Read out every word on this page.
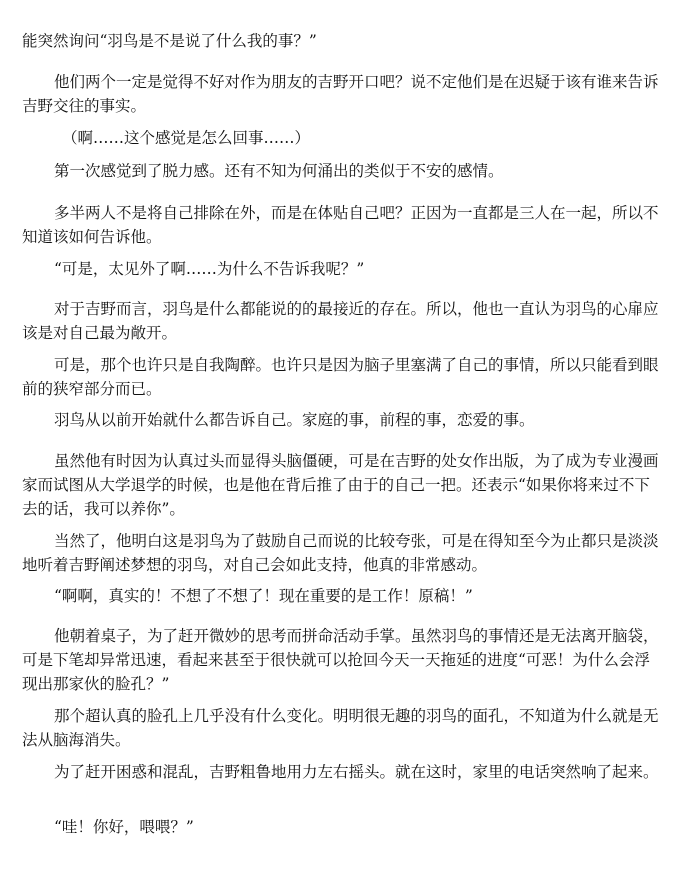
能突然询问“羽鸟是不是说了什么我的事？”

他们两个一定是觉得不好对作为朋友的吉野开口吧？说不定他们是在迟疑于该有谁来告诉吉野交往的事实。

（啊……这个感觉是怎么回事……）

第一次感觉到了脱力感。还有不知为何涌出的类似于不安的感情。

多半两人不是将自己排除在外，而是在体贴自己吧？正因为一直都是三人在一起，所以不知道该如何告诉他。

“可是，太见外了啊……为什么不告诉我呢？”

对于吉野而言，羽鸟是什么都能说的的最接近的存在。所以，他也一直认为羽鸟的心扉应该是对自己最为敞开。

可是，那个也许只是自我陶醉。也许只是因为脑子里塞满了自己的事情，所以只能看到眼前的狭窄部分而已。

羽鸟从以前开始就什么都告诉自己。家庭的事，前程的事，恋爱的事。

虽然他有时因为认真过头而显得头脑僵硬，可是在吉野的处女作出版，为了成为专业漫画家而试图从大学退学的时候，也是他在背后推了由于的自己一把。还表示“如果你将来过不下去的话，我可以养你”。

当然了，他明白这是羽鸟为了鼓励自己而说的比较夸张，可是在得知至今为止都只是淡淡地听着吉野阐述梦想的羽鸟，对自己会如此支持，他真的非常感动。

“啊啊，真实的！不想了不想了！现在重要的是工作！原稿！”

他朝着桌子，为了赶开微妙的思考而拼命活动手掌。虽然羽鸟的事情还是无法离开脑袋，可是下笔却异常迅速，看起来甚至于很快就可以抢回今天一天拖延的进度“可恶！为什么会浮现出那家伙的脸孔？”

那个超认真的脸孔上几乎没有什么变化。明明很无趣的羽鸟的面孔，不知道为什么就是无法从脑海消失。

为了赶开困惑和混乱，吉野粗鲁地用力左右摇头。就在这时，家里的电话突然响了起来。

“哇！你好，喂喂？”
